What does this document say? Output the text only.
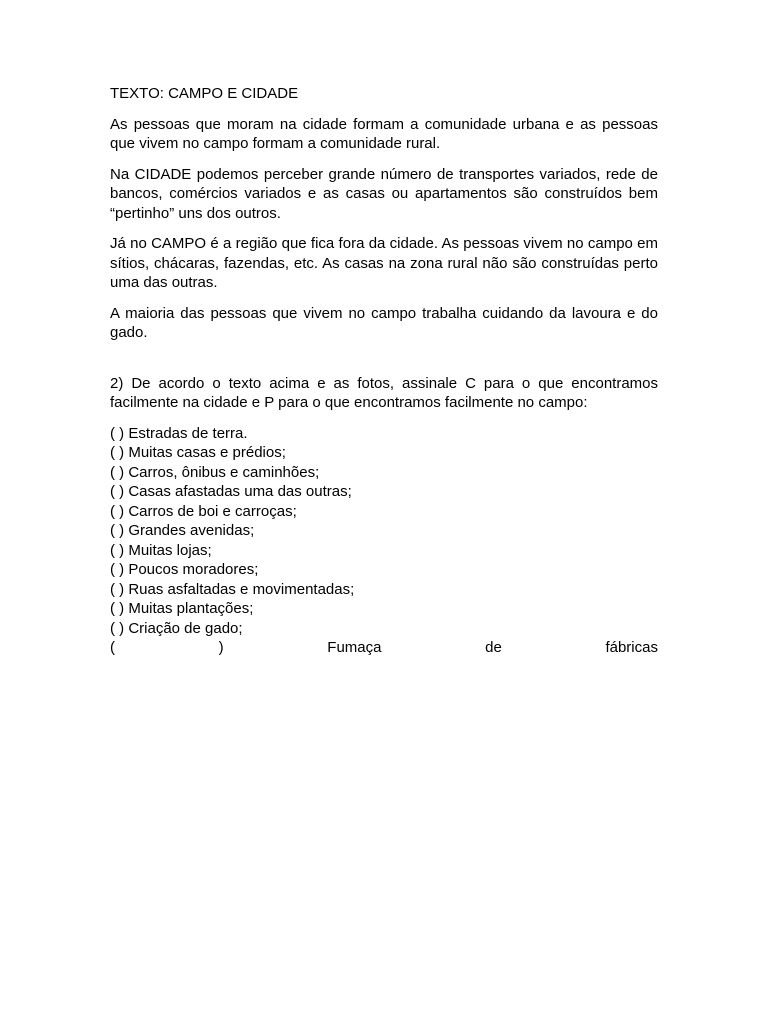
TEXTO: CAMPO E CIDADE

As pessoas que moram na cidade formam a comunidade urbana e as pessoas que vivem no campo formam a comunidade rural.

Na CIDADE podemos perceber grande número de transportes variados, rede de bancos, comércios variados e as casas ou apartamentos são construídos bem “pertinho” uns dos outros.

Já no CAMPO é a região que fica fora da cidade. As pessoas vivem no campo em sítios, chácaras, fazendas, etc. As casas na zona rural não são construídas perto uma das outras.

A maioria das pessoas que vivem no campo trabalha cuidando da lavoura e do gado.

2) De acordo o texto acima e as fotos, assinale C para o que encontramos facilmente na cidade e P para o que encontramos facilmente no campo:

( ) Estradas de terra.
( ) Muitas casas e prédios;
( ) Carros, ônibus e caminhões;
( ) Casas afastadas uma das outras;
( ) Carros de boi e carroças;
( ) Grandes avenidas;
( ) Muitas lojas;
( ) Poucos moradores;
( ) Ruas asfaltadas e movimentadas;
( ) Muitas plantações;
( ) Criação de gado;
(	)	Fumaça	de	fábricas
